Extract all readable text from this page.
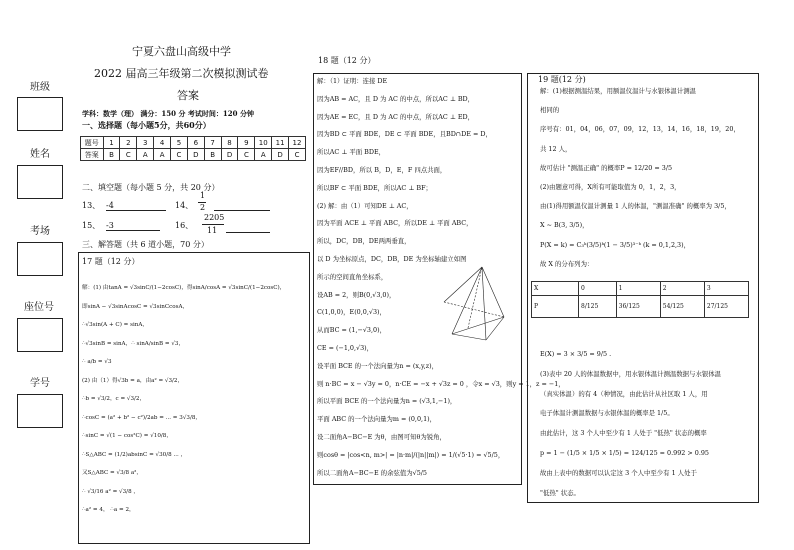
班级
姓名
考场
座位号
学号
宁夏六盘山高级中学
2022 届高三年级第二次模拟测试卷
答案
学科：数学（理） 满分：150 分 考试时间：120 分钟
一、选择题（每小题5分，共60分）
题号	1	2	3	4	5	6	7	8	9	10	11	12
答案	B	C	A	A	C	D	B	D	C	A	D	C
二、填空题（每小题 5 分，共 20 分）
13、 -4	14、
1
2
15、 -3	16、
2205
11
三、解答题（共 6 道小题，70 分）
17 题（12 分）
解：(1) 由tanA = √3sinC/(1−2cosC)，得sinA/cosA = √3sinC/(1−2cosC)，
即sinA − √3sinAcosC = √3sinCcosA，
∴√3sin(A + C) = sinA，
∴√3sinB = sinA，∴ sinA/sinB = √3，
∴ a/b = √3
(2) 由（1）得√3b = a，由a² = √3/2，
∴b = √3/2，c = √3/2，
∴cosC = (a² + b² − c²)/2ab = ... = 3√3/8，
∴sinC = √(1 − cos²C) = √10/8，
∴S△ABC = (1/2)absinC = √30/8 ... ，
又S△ABC = √3/8 a²，
∴ √3/16 a² = √3/8 ，
∴a² = 4， ∴a = 2，
18 题（12 分）
解：（1）证明：连接 DE
因为AB = AC，且 D 为 AC 的中点，所以AC ⊥ BD，
因为AE = EC，且 D 为 AC 的中点，所以AC ⊥ ED，
因为BD ⊂ 平面 BDE，DE ⊂ 平面 BDE，且BD∩DE = D，
所以AC ⊥ 平面 BDE，
因为EF//BD，所以 B，D，E，F 四点共面，
所以BF ⊂ 平面 BDE，所以AC ⊥ BF；
(2) 解：由（1）可知DE ⊥ AC，
因为平面 ACE ⊥ 平面 ABC，所以DE ⊥ 平面 ABC，
所以，DC，DB，DE两两垂直，
以 D 为坐标原点，DC，DB，DE 为坐标轴建立如图
所示的空间直角坐标系，
设AB = 2，则B(0,√3,0)，
C(1,0,0)，E(0,0,√3)，
从而BC = (1,−√3,0)，
CE = (−1,0,√3)，
设平面 BCE 的一个法向量为n = (x,y,z)，
则 n·BC = x − √3y = 0，n·CE = −x + √3z = 0 ，令x = √3，则y = 1，z = −1，
所以平面 BCE 的一个法向量为n = (√3,1,−1)，
平面 ABC 的一个法向量为m = (0,0,1)，
设二面角A−BC−E 为θ，由图可知θ为锐角，
则cosθ = |cos<n, m>| = |n·m|/(|n||m|) = 1/(√5·1) = √5/5，
所以二面角A−BC−E 的余弦值为√5/5
19 题(12 分)
解：(1)根据测温结果，用额温仪温计与水银体温计测温
相同的
序号有：01，04，06，07，09，12，13，14，16，18，19，20，
共 12 人，
故可估计 "测温正确" 的概率P = 12/20 = 3/5
(2)由题意可得，X所有可能取值为 0，1，2，3，
由(1)得用额温仪温计测量 1 人的体温，"测温准确" 的概率为 3/5，
X ~ B(3, 3/5)，
P(X = k) = C₃ᵏ(3/5)ᵏ(1 − 3/5)³⁻ᵏ (k = 0,1,2,3)，
故 X 的分布列为：
E(X) = 3 × 3/5 = 9/5 .
(3)表中 20 人的体温数据中，用水银体温计测温数据与水银体温
（真实体温）的有 4（种情况，由此估计从社区取 1 人，用
电子体温计测温数据与水银体温的概率是 1/5。
由此估计，这 3 个人中至少有 1 人处于 "低热" 状态的概率
p = 1 − (1/5 × 1/5 × 1/5) = 124/125 = 0.992 > 0.95
故由上表中的数据可以认定这 3 个人中至少有 1 人处于
"低热" 状态。
X	0	1	2	3
P	8/125	36/125	54/125	27/125
